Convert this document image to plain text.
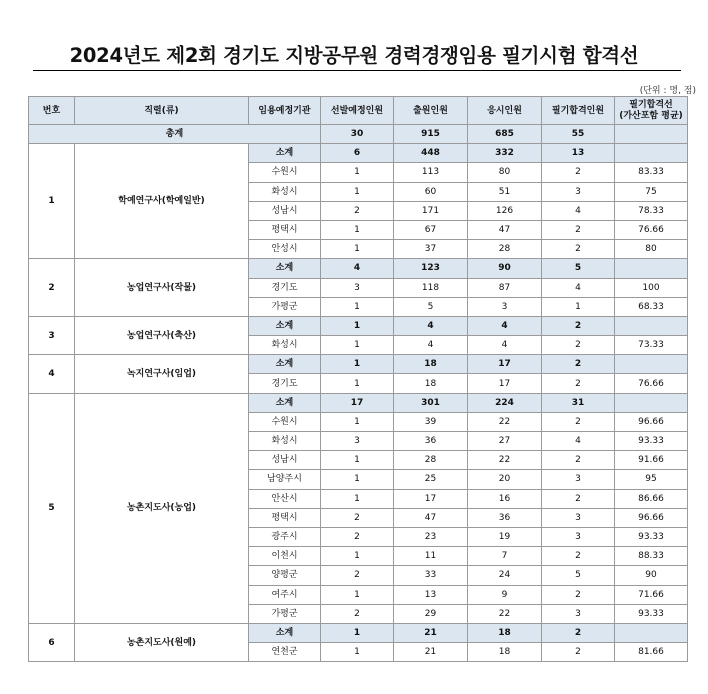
2024년도 제2회 경기도 지방공무원 경력경쟁임용 필기시험 합격선
(단위 : 명, 점)
번호	직렬(류)	임용예정기관	선발예정인원	출원인원	응시인원	필기합격인원	필기합격선
(가산포함 평균)
총계			30	915	685	55	
1	학예연구사(학예일반)	소계	6	448	332	13	
		수원시	1	113	80	2	83.33
		화성시	1	60	51	3	75
		성남시	2	171	126	4	78.33
		평택시	1	67	47	2	76.66
		안성시	1	37	28	2	80
2	농업연구사(작물)	소계	4	123	90	5	
		경기도	3	118	87	4	100
		가평군	1	5	3	1	68.33
3	농업연구사(축산)	소계	1	4	4	2	
		화성시	1	4	4	2	73.33
4	녹지연구사(임업)	소계	1	18	17	2	
		경기도	1	18	17	2	76.66
5	농촌지도사(농업)	소계	17	301	224	31	
		수원시	1	39	22	2	96.66
		화성시	3	36	27	4	93.33
		성남시	1	28	22	2	91.66
		남양주시	1	25	20	3	95
		안산시	1	17	16	2	86.66
		평택시	2	47	36	3	96.66
		광주시	2	23	19	3	93.33
		이천시	1	11	7	2	88.33
		양평군	2	33	24	5	90
		여주시	1	13	9	2	71.66
		가평군	2	29	22	3	93.33
6	농촌지도사(원예)	소계	1	21	18	2	
		연천군	1	21	18	2	81.66
